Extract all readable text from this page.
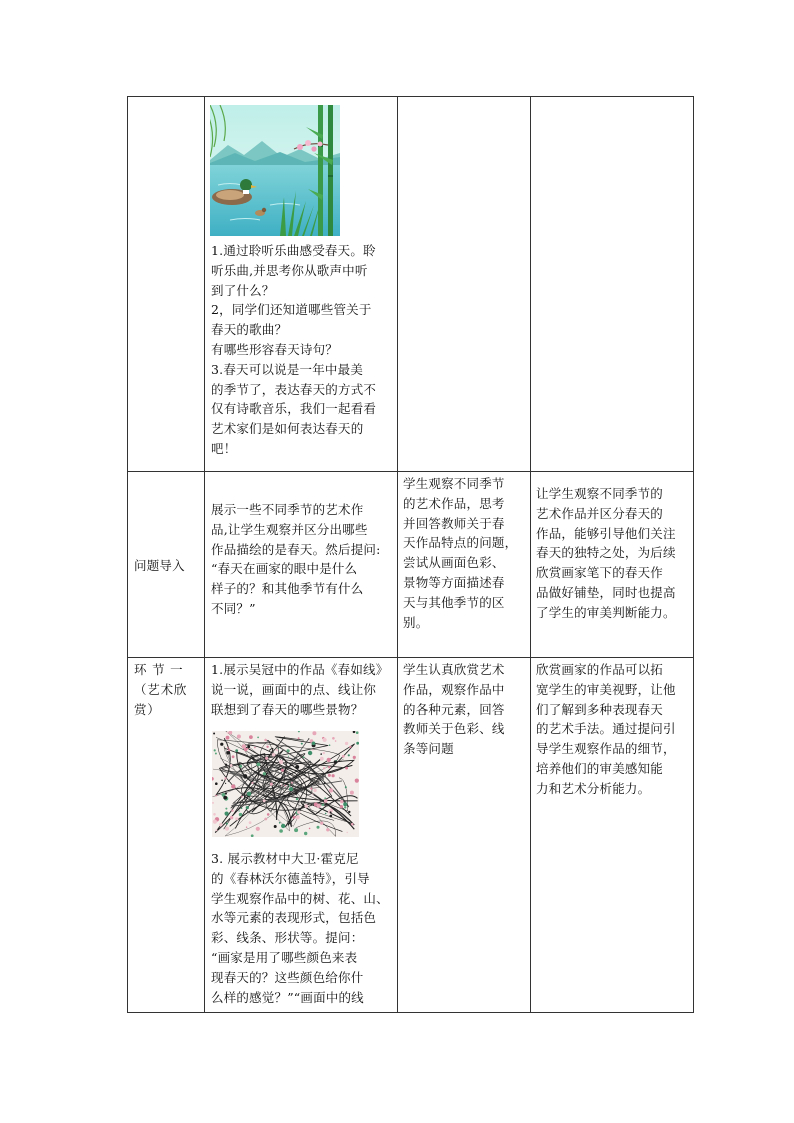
1.通过聆听乐曲感受春天。聆
听乐曲,并思考你从歌声中听
到了什么？
2，同学们还知道哪些管关于
春天的歌曲？
有哪些形容春天诗句？
3.春天可以说是一年中最美
的季节了，表达春天的方式不
仅有诗歌音乐，我们一起看看
艺术家们是如何表达春天的
吧！
问题导入
展示一些不同季节的艺术作
品,让学生观察并区分出哪些
作品描绘的是春天。然后提问:
“春天在画家的眼中是什么
样子的？和其他季节有什么
不同？”
学生观察不同季节
的艺术作品，思考
并回答教师关于春
天作品特点的问题，
尝试从画面色彩、
景物等方面描述春
天与其他季节的区
别。
让学生观察不同季节的
艺术作品并区分春天的
作品，能够引导他们关注
春天的独特之处，为后续
欣赏画家笔下的春天作
品做好铺垫，同时也提高
了学生的审美判断能力。
环 节 一
（艺术欣
赏）
1.展示吴冠中的作品《春如线》
说一说，画面中的点、线让你
联想到了春天的哪些景物？
3. 展示教材中大卫·霍克尼
的《春林沃尔德盖特》，引导
学生观察作品中的树、花、山、
水等元素的表现形式，包括色
彩、线条、形状等。提问：
“画家是用了哪些颜色来表
现春天的？这些颜色给你什
么样的感觉？”“画面中的线
学生认真欣赏艺术
作品，观察作品中
的各种元素，回答
教师关于色彩、线
条等问题
欣赏画家的作品可以拓
宽学生的审美视野，让他
们了解到多种表现春天
的艺术手法。通过提问引
导学生观察作品的细节，
培养他们的审美感知能
力和艺术分析能力。
